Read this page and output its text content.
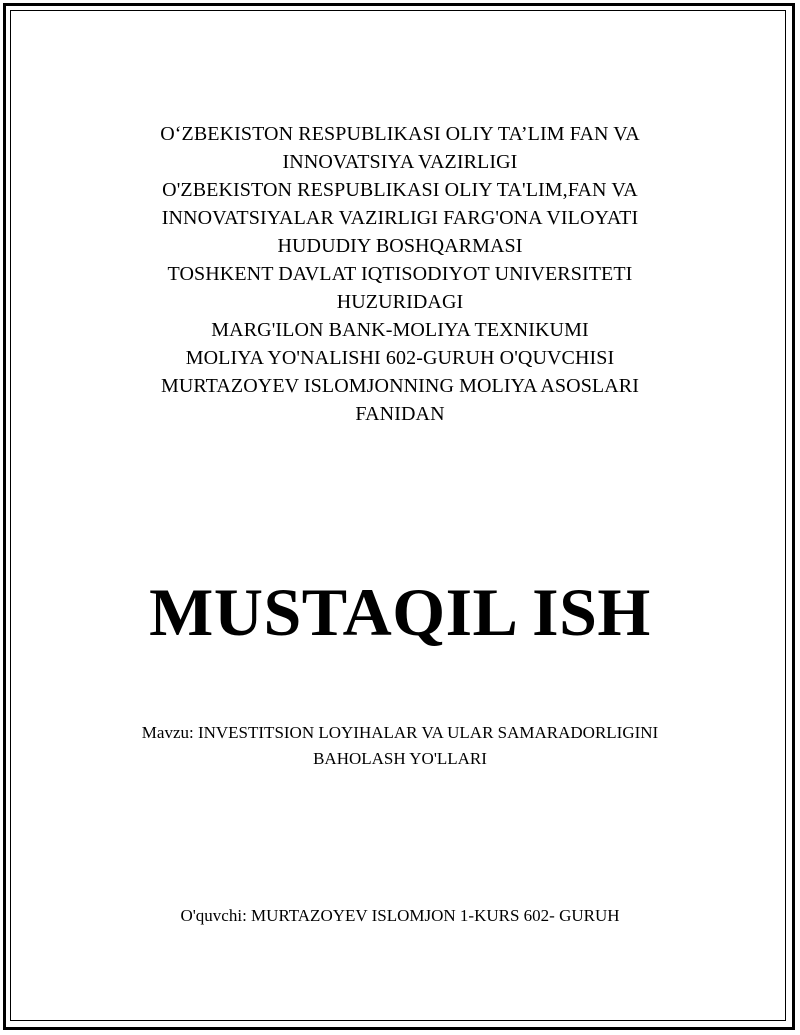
O‘ZBEKISTON RESPUBLIKASI OLIY TA’LIM FAN VA
INNOVATSIYA VAZIRLIGI
O'ZBEKISTON RESPUBLIKASI OLIY TA'LIM,FAN VA
INNOVATSIYALAR VAZIRLIGI FARG'ONA VILOYATI
HUDUDIY BOSHQARMASI
TOSHKENT DAVLAT IQTISODIYOT UNIVERSITETI
HUZURIDAGI
MARG'ILON BANK-MOLIYA TEXNIKUMI
MOLIYA YO'NALISHI 602-GURUH O'QUVCHISI
MURTAZOYEV ISLOMJONNING MOLIYA ASOSLARI
FANIDAN
MUSTAQIL ISH
Mavzu: INVESTITSION LOYIHALAR VA ULAR SAMARADORLIGINI
BAHOLASH YO'LLARI
O'quvchi: MURTAZOYEV ISLOMJON 1-KURS 602- GURUH
